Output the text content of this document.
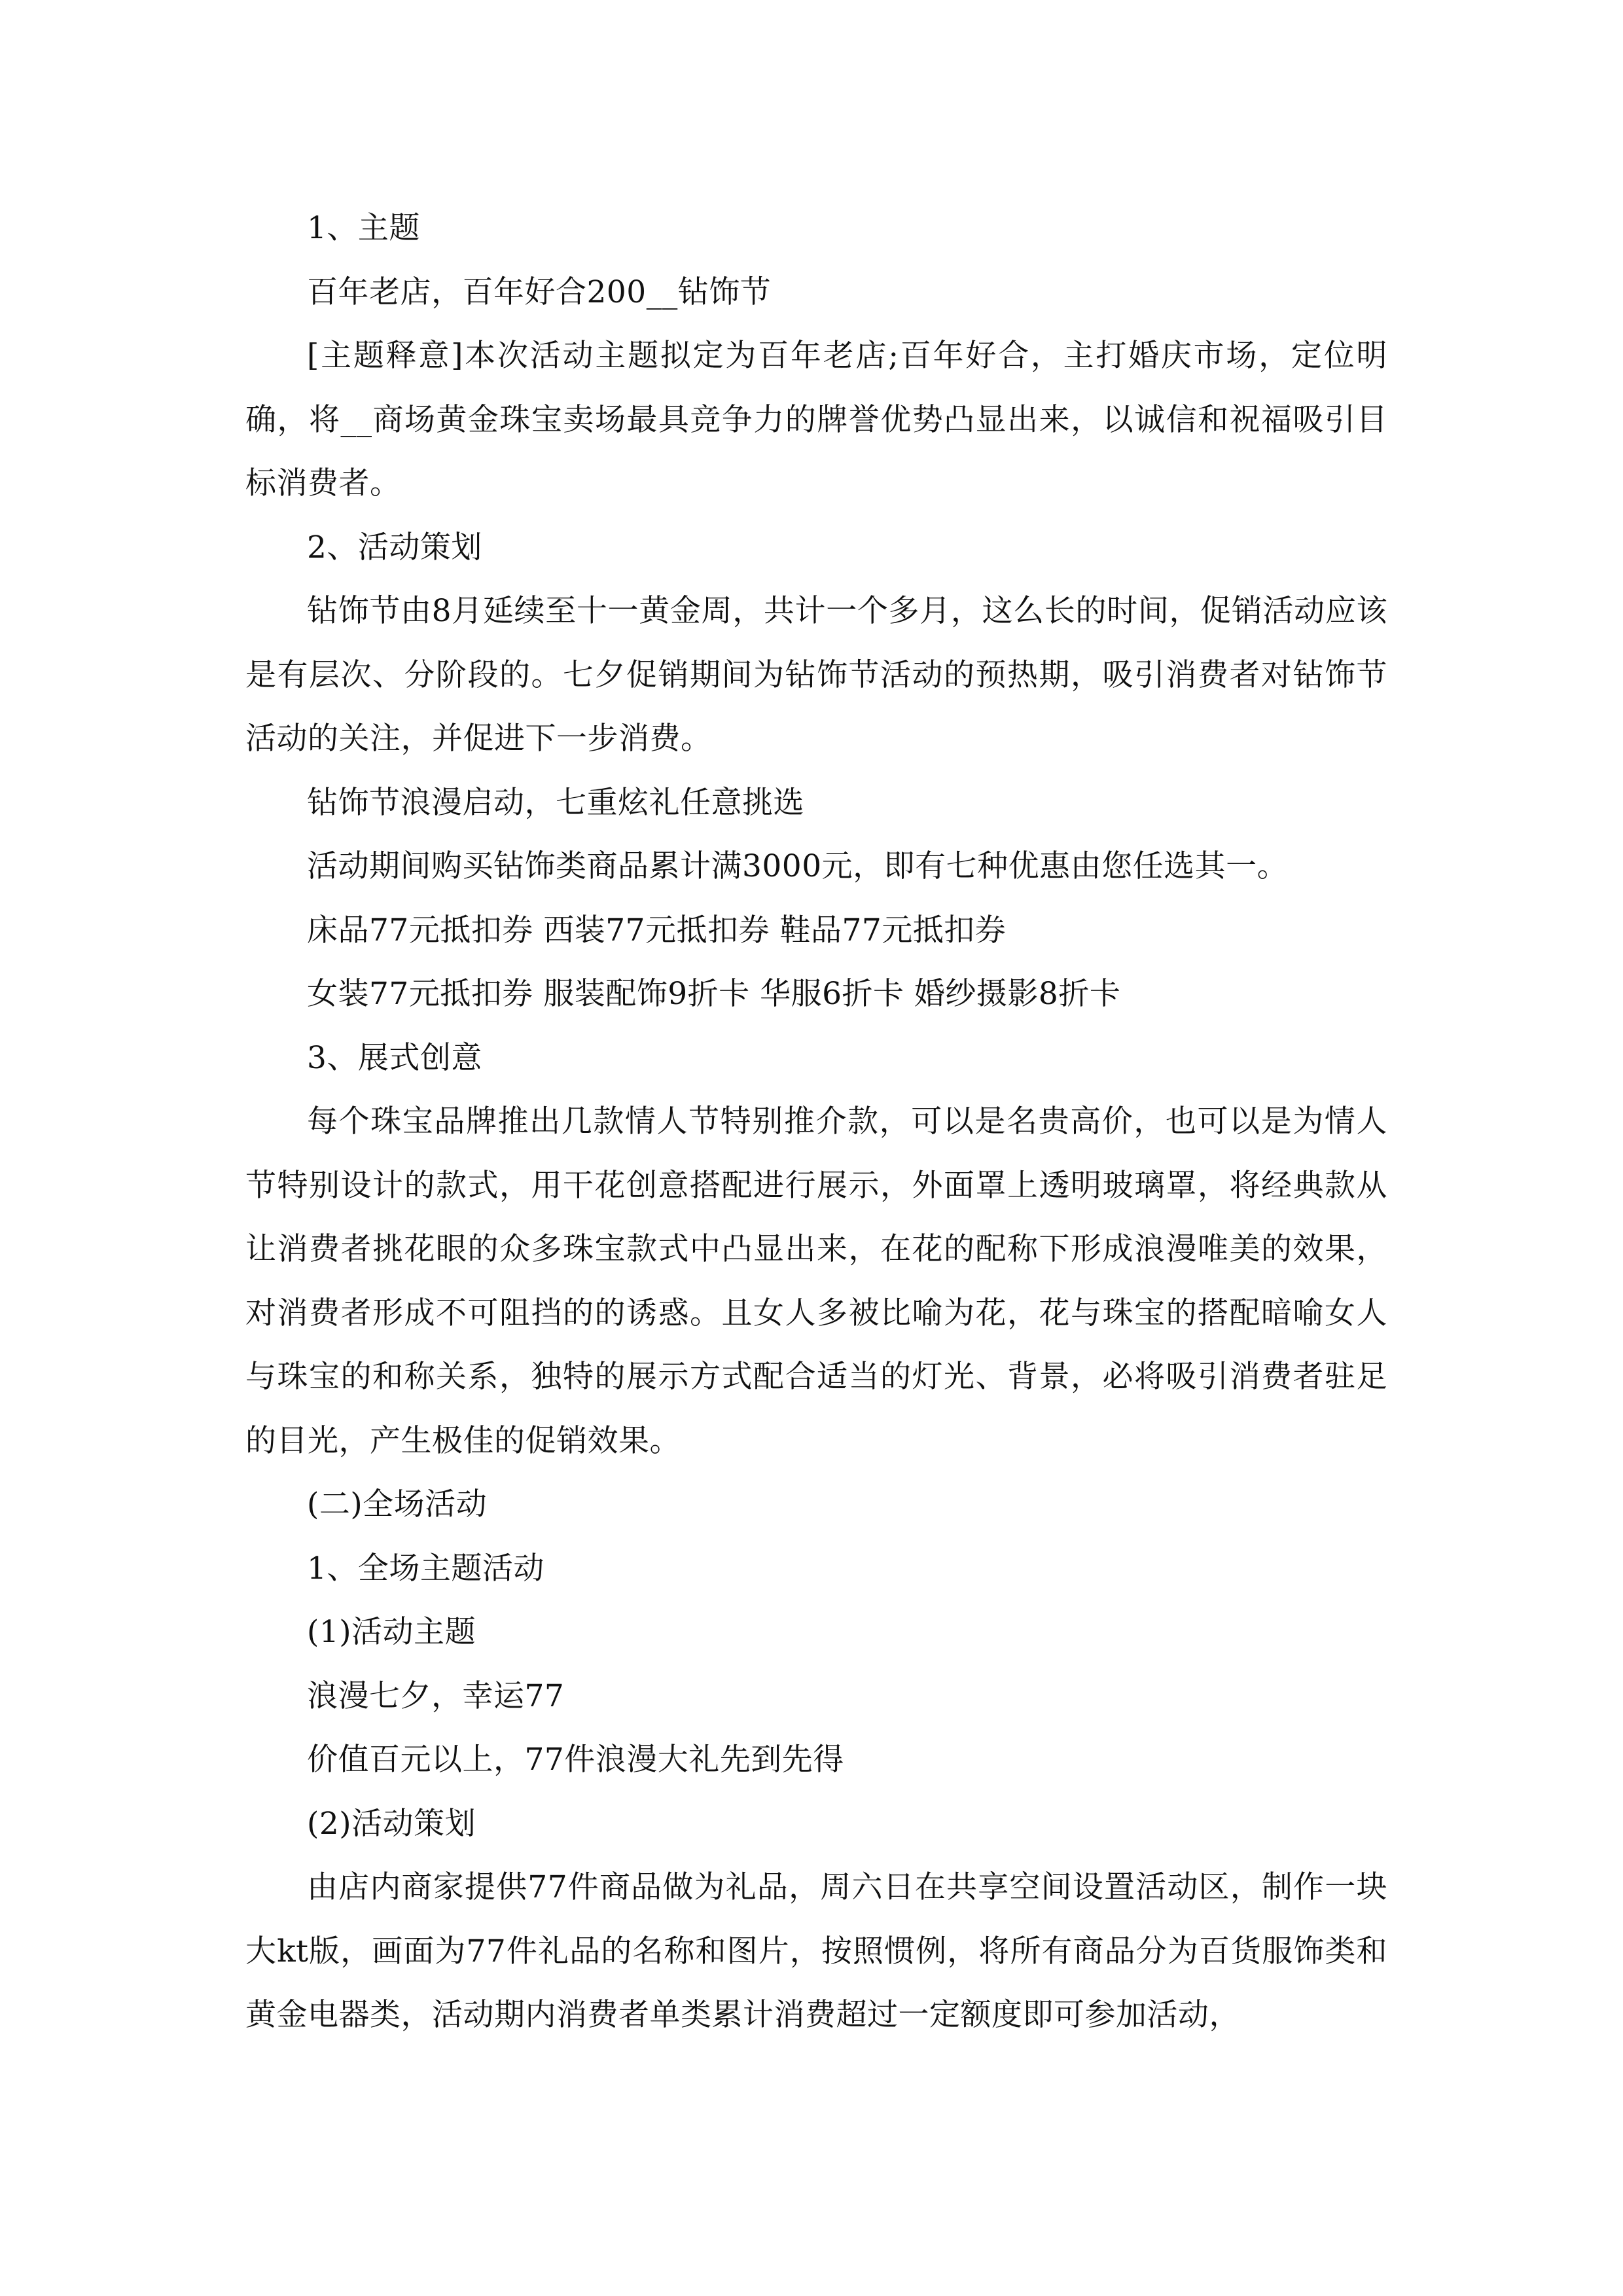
1、主题

百年老店，百年好合200__钻饰节

[主题释意]本次活动主题拟定为百年老店;百年好合，主打婚庆市场，定位明确，将__商场黄金珠宝卖场最具竞争力的牌誉优势凸显出来，以诚信和祝福吸引目标消费者。

2、活动策划

钻饰节由8月延续至十一黄金周，共计一个多月，这么长的时间，促销活动应该是有层次、分阶段的。七夕促销期间为钻饰节活动的预热期，吸引消费者对钻饰节活动的关注，并促进下一步消费。

钻饰节浪漫启动，七重炫礼任意挑选

活动期间购买钻饰类商品累计满3000元，即有七种优惠由您任选其一。

床品77元抵扣券 西装77元抵扣券 鞋品77元抵扣券

女装77元抵扣券 服装配饰9折卡 华服6折卡 婚纱摄影8折卡

3、展式创意

每个珠宝品牌推出几款情人节特别推介款，可以是名贵高价，也可以是为情人节特别设计的款式，用干花创意搭配进行展示，外面罩上透明玻璃罩，将经典款从让消费者挑花眼的众多珠宝款式中凸显出来，在花的配称下形成浪漫唯美的效果，对消费者形成不可阻挡的的诱惑。且女人多被比喻为花，花与珠宝的搭配暗喻女人与珠宝的和称关系，独特的展示方式配合适当的灯光、背景，必将吸引消费者驻足的目光，产生极佳的促销效果。

(二)全场活动

1、全场主题活动

(1)活动主题

浪漫七夕，幸运77

价值百元以上，77件浪漫大礼先到先得

(2)活动策划

由店内商家提供77件商品做为礼品，周六日在共享空间设置活动区，制作一块大kt版，画面为77件礼品的名称和图片，按照惯例，将所有商品分为百货服饰类和黄金电器类，活动期内消费者单类累计消费超过一定额度即可参加活动，
